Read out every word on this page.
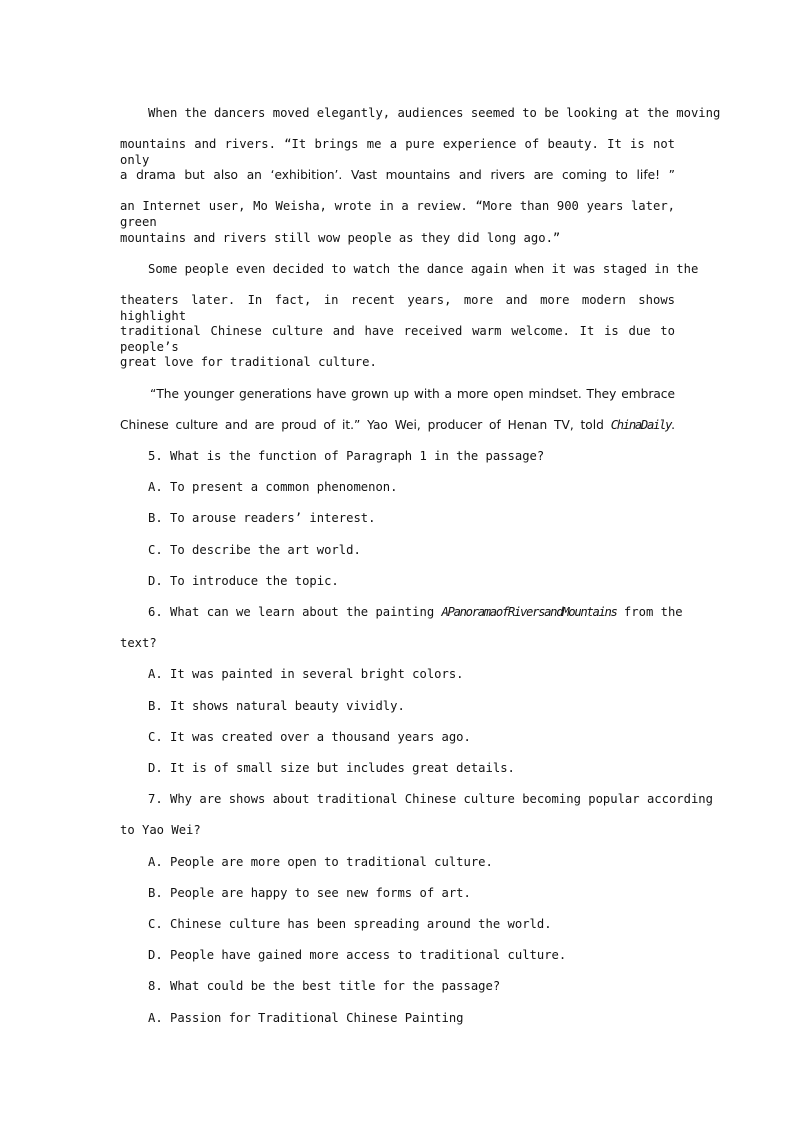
When the dancers moved elegantly, audiences seemed to be looking at the moving
mountains and rivers. “It brings me a pure experience of beauty. It is not only
a drama but also an ‘exhibition’. Vast mountains and rivers are coming to life! ”
an Internet user, Mo Weisha, wrote in a review. “More than 900 years later, green
mountains and rivers still wow people as they did long ago.”
Some people even decided to watch the dance again when it was staged in the
theaters later. In fact, in recent years, more and more modern shows highlight
traditional Chinese culture and have received warm welcome. It is due to people’s
great love for traditional culture.
“The younger generations have grown up with a more open mindset. They embrace
Chinese culture and are proud of it.” Yao Wei, producer of Henan TV, told ChinaDaily.
5. What is the function of Paragraph 1 in the passage?
A. To present a common phenomenon.
B. To arouse readers’ interest.
C. To describe the art world.
D. To introduce the topic.
6. What can we learn about the painting APanoramaofRiversandMountains from the
text?
A. It was painted in several bright colors.
B. It shows natural beauty vividly.
C. It was created over a thousand years ago.
D. It is of small size but includes great details.
7. Why are shows about traditional Chinese culture becoming popular according
to Yao Wei?
A. People are more open to traditional culture.
B. People are happy to see new forms of art.
C. Chinese culture has been spreading around the world.
D. People have gained more access to traditional culture.
8. What could be the best title for the passage?
A. Passion for Traditional Chinese Painting
